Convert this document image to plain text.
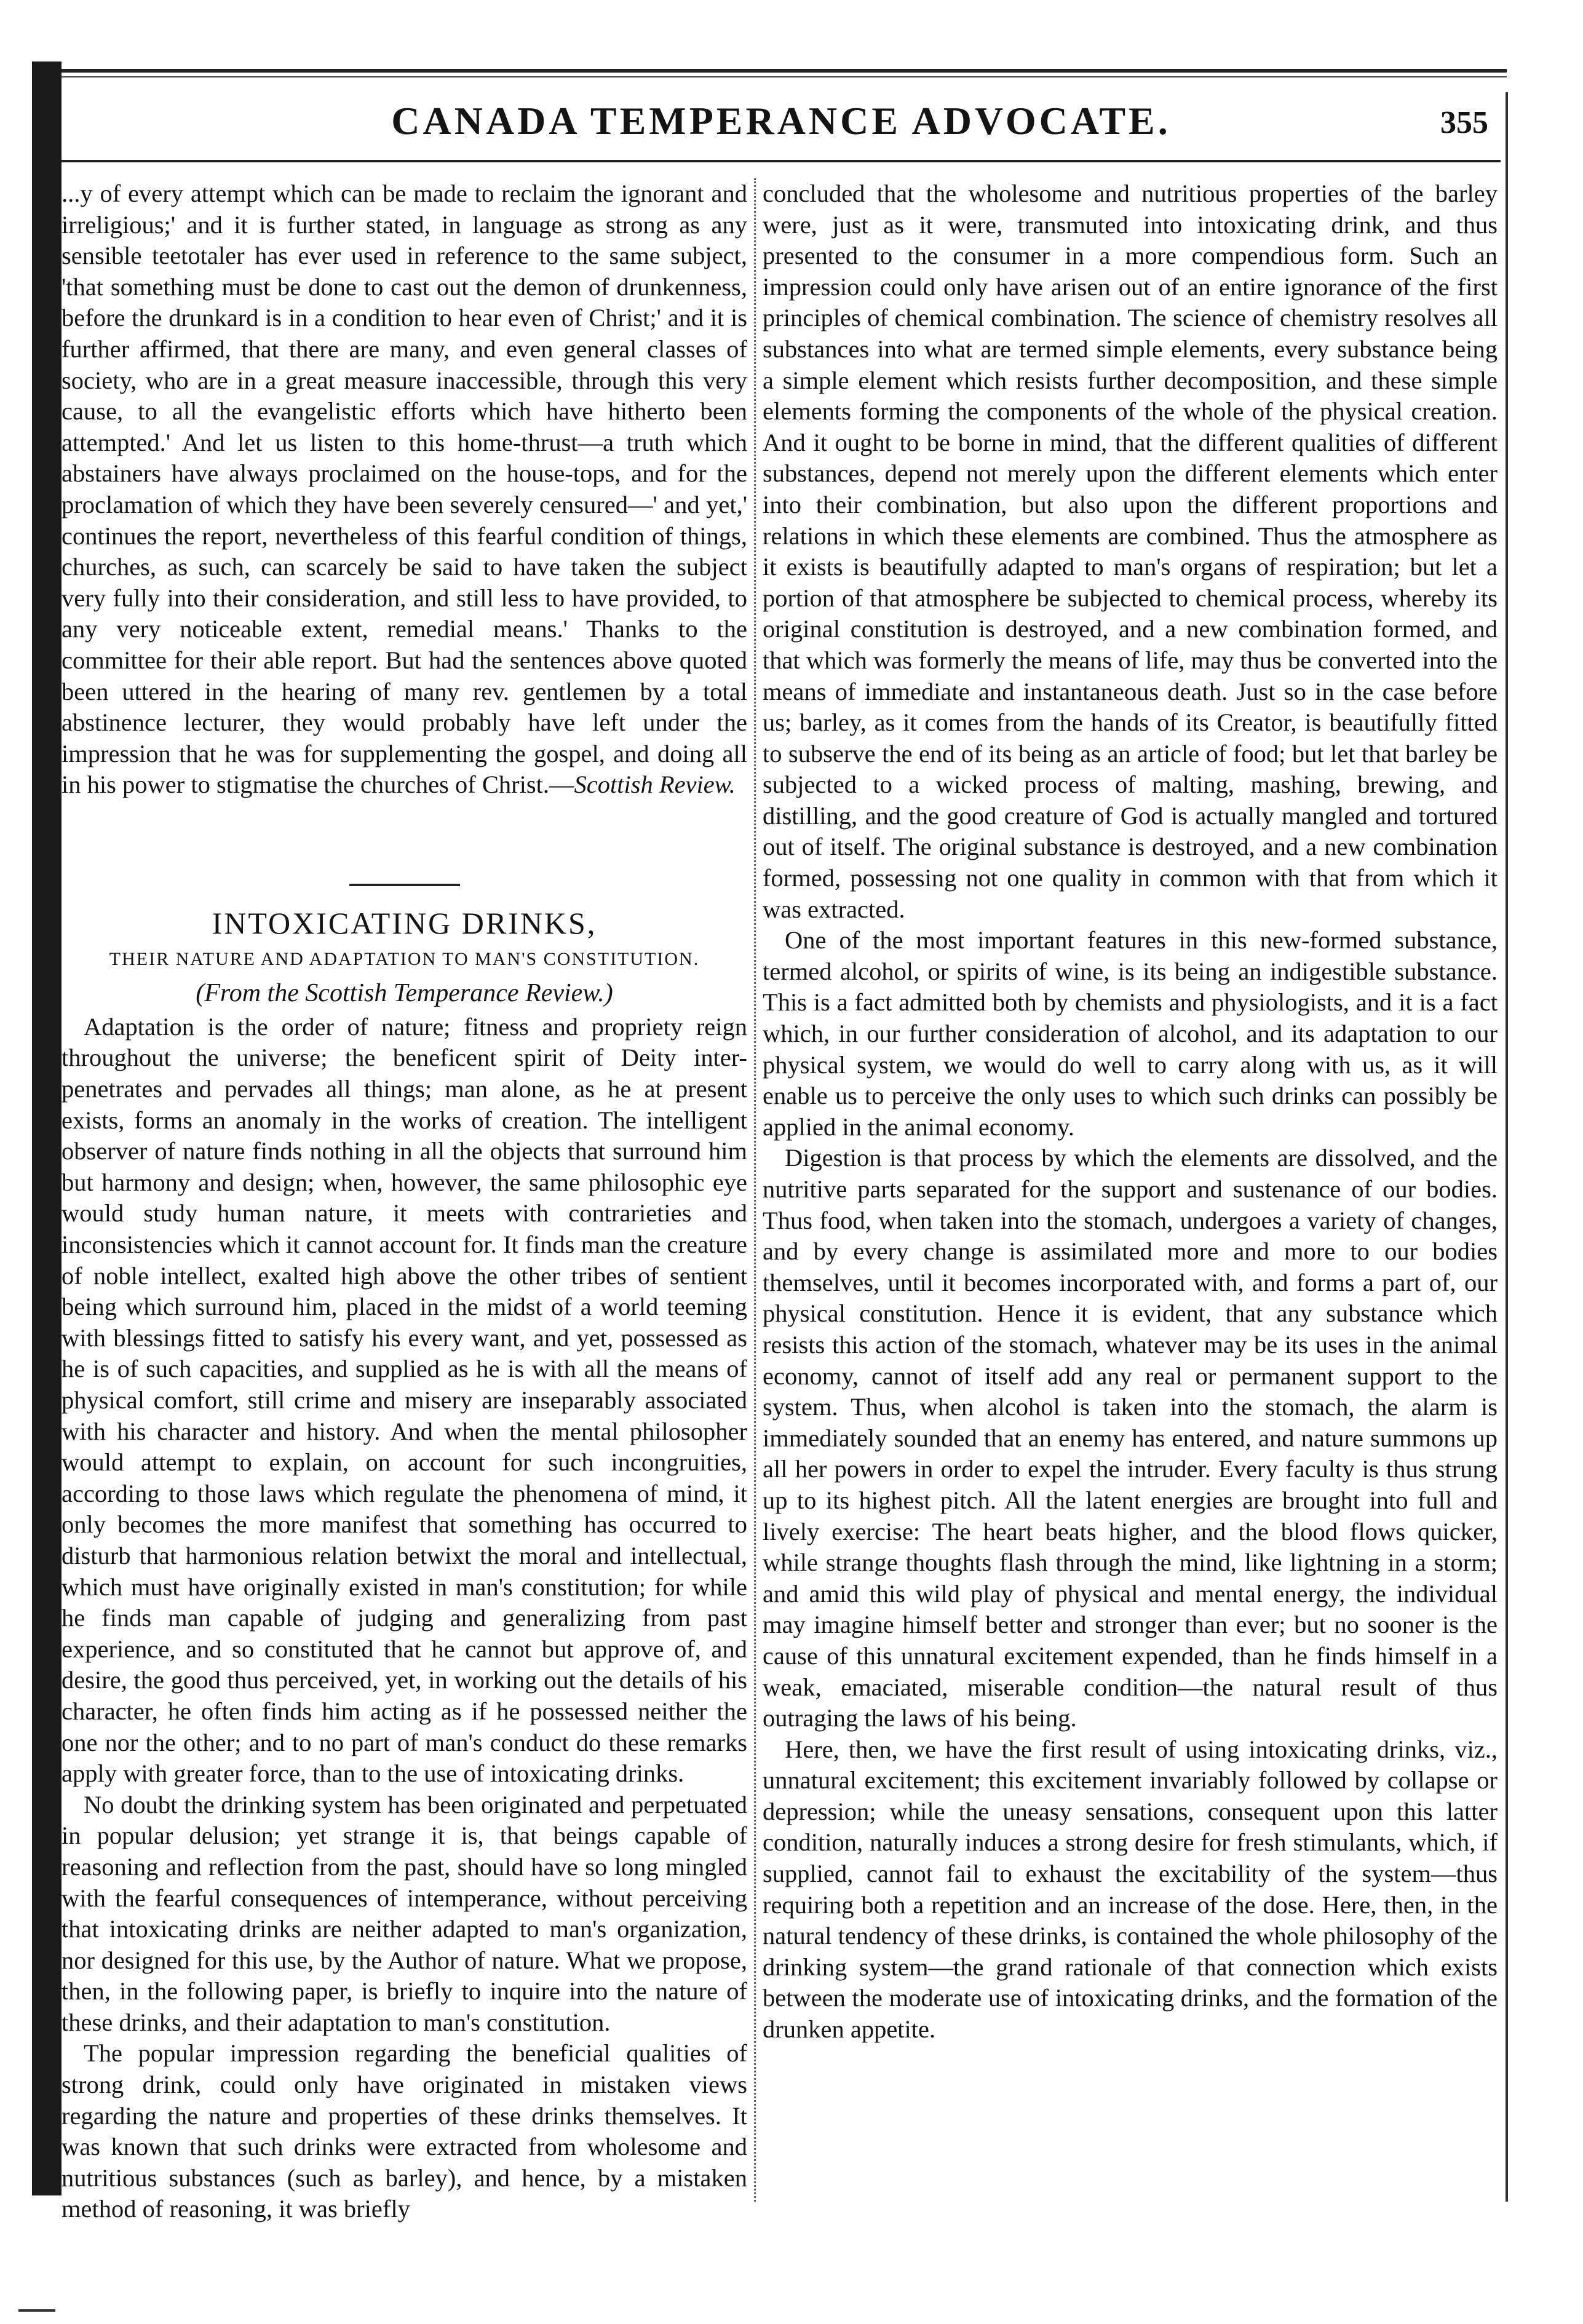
CANADA TEMPERANCE ADVOCATE.	355

...y of every attempt which can be made to reclaim the ignorant and irreligious;' and it is further stated, in language as strong as any sensible teetotaler has ever used in reference to the same subject, 'that something must be done to cast out the demon of drunkenness, before the drunkard is in a condition to hear even of Christ;' and it is further affirmed, that there are many, and even general classes of society, who are in a great measure inaccessible, through this very cause, to all the evangelistic efforts which have hitherto been attempted.' And let us listen to this home-thrust—a truth which abstainers have always proclaimed on the house-tops, and for the proclamation of which they have been severely censured—' and yet,' continues the report, nevertheless of this fearful condition of things, churches, as such, can scarcely be said to have taken the subject very fully into their consideration, and still less to have provided, to any very noticeable extent, remedial means.' Thanks to the committee for their able report. But had the sentences above quoted been uttered in the hearing of many rev. gentlemen by a total abstinence lecturer, they would probably have left under the impression that he was for supplementing the gospel, and doing all in his power to stigmatise the churches of Christ.—Scottish Review.

INTOXICATING DRINKS,
THEIR NATURE AND ADAPTATION TO MAN'S CONSTITUTION.
(From the Scottish Temperance Review.)

Adaptation is the order of nature; fitness and propriety reign throughout the universe; the beneficent spirit of Deity inter-penetrates and pervades all things; man alone, as he at present exists, forms an anomaly in the works of creation. The intelligent observer of nature finds nothing in all the objects that surround him but harmony and design; when, however, the same philosophic eye would study human nature, it meets with contrarieties and inconsistencies which it cannot account for. It finds man the creature of noble intellect, exalted high above the other tribes of sentient being which surround him, placed in the midst of a world teeming with blessings fitted to satisfy his every want, and yet, possessed as he is of such capacities, and supplied as he is with all the means of physical comfort, still crime and misery are inseparably associated with his character and history. And when the mental philosopher would attempt to explain, on account for such incongruities, according to those laws which regulate the phenomena of mind, it only becomes the more manifest that something has occurred to disturb that harmonious relation betwixt the moral and intellectual, which must have originally existed in man's constitution; for while he finds man capable of judging and generalizing from past experience, and so constituted that he cannot but approve of, and desire, the good thus perceived, yet, in working out the details of his character, he often finds him acting as if he possessed neither the one nor the other; and to no part of man's conduct do these remarks apply with greater force, than to the use of intoxicating drinks.

No doubt the drinking system has been originated and perpetuated in popular delusion; yet strange it is, that beings capable of reasoning and reflection from the past, should have so long mingled with the fearful consequences of intemperance, without perceiving that intoxicating drinks are neither adapted to man's organization, nor designed for this use, by the Author of nature. What we propose, then, in the following paper, is briefly to inquire into the nature of these drinks, and their adaptation to man's constitution.

The popular impression regarding the beneficial qualities of strong drink, could only have originated in mistaken views regarding the nature and properties of these drinks themselves. It was known that such drinks were extracted from wholesome and nutritious substances (such as barley), and hence, by a mistaken method of reasoning, it was briefly

concluded that the wholesome and nutritious properties of the barley were, just as it were, transmuted into intoxicating drink, and thus presented to the consumer in a more compendious form. Such an impression could only have arisen out of an entire ignorance of the first principles of chemical combination. The science of chemistry resolves all substances into what are termed simple elements, every substance being a simple element which resists further decomposition, and these simple elements forming the components of the whole of the physical creation. And it ought to be borne in mind, that the different qualities of different substances, depend not merely upon the different elements which enter into their combination, but also upon the different proportions and relations in which these elements are combined. Thus the atmosphere as it exists is beautifully adapted to man's organs of respiration; but let a portion of that atmosphere be subjected to chemical process, whereby its original constitution is destroyed, and a new combination formed, and that which was formerly the means of life, may thus be converted into the means of immediate and instantaneous death. Just so in the case before us; barley, as it comes from the hands of its Creator, is beautifully fitted to subserve the end of its being as an article of food; but let that barley be subjected to a wicked process of malting, mashing, brewing, and distilling, and the good creature of God is actually mangled and tortured out of itself. The original substance is destroyed, and a new combination formed, possessing not one quality in common with that from which it was extracted.

One of the most important features in this new-formed substance, termed alcohol, or spirits of wine, is its being an indigestible substance. This is a fact admitted both by chemists and physiologists, and it is a fact which, in our further consideration of alcohol, and its adaptation to our physical system, we would do well to carry along with us, as it will enable us to perceive the only uses to which such drinks can possibly be applied in the animal economy.

Digestion is that process by which the elements are dissolved, and the nutritive parts separated for the support and sustenance of our bodies. Thus food, when taken into the stomach, undergoes a variety of changes, and by every change is assimilated more and more to our bodies themselves, until it becomes incorporated with, and forms a part of, our physical constitution. Hence it is evident, that any substance which resists this action of the stomach, whatever may be its uses in the animal economy, cannot of itself add any real or permanent support to the system. Thus, when alcohol is taken into the stomach, the alarm is immediately sounded that an enemy has entered, and nature summons up all her powers in order to expel the intruder. Every faculty is thus strung up to its highest pitch. All the latent energies are brought into full and lively exercise: The heart beats higher, and the blood flows quicker, while strange thoughts flash through the mind, like lightning in a storm; and amid this wild play of physical and mental energy, the individual may imagine himself better and stronger than ever; but no sooner is the cause of this unnatural excitement expended, than he finds himself in a weak, emaciated, miserable condition—the natural result of thus outraging the laws of his being.

Here, then, we have the first result of using intoxicating drinks, viz., unnatural excitement; this excitement invariably followed by collapse or depression; while the uneasy sensations, consequent upon this latter condition, naturally induces a strong desire for fresh stimulants, which, if supplied, cannot fail to exhaust the excitability of the system—thus requiring both a repetition and an increase of the dose. Here, then, in the natural tendency of these drinks, is contained the whole philosophy of the drinking system—the grand rationale of that connection which exists between the moderate use of intoxicating drinks, and the formation of the drunken appetite.
